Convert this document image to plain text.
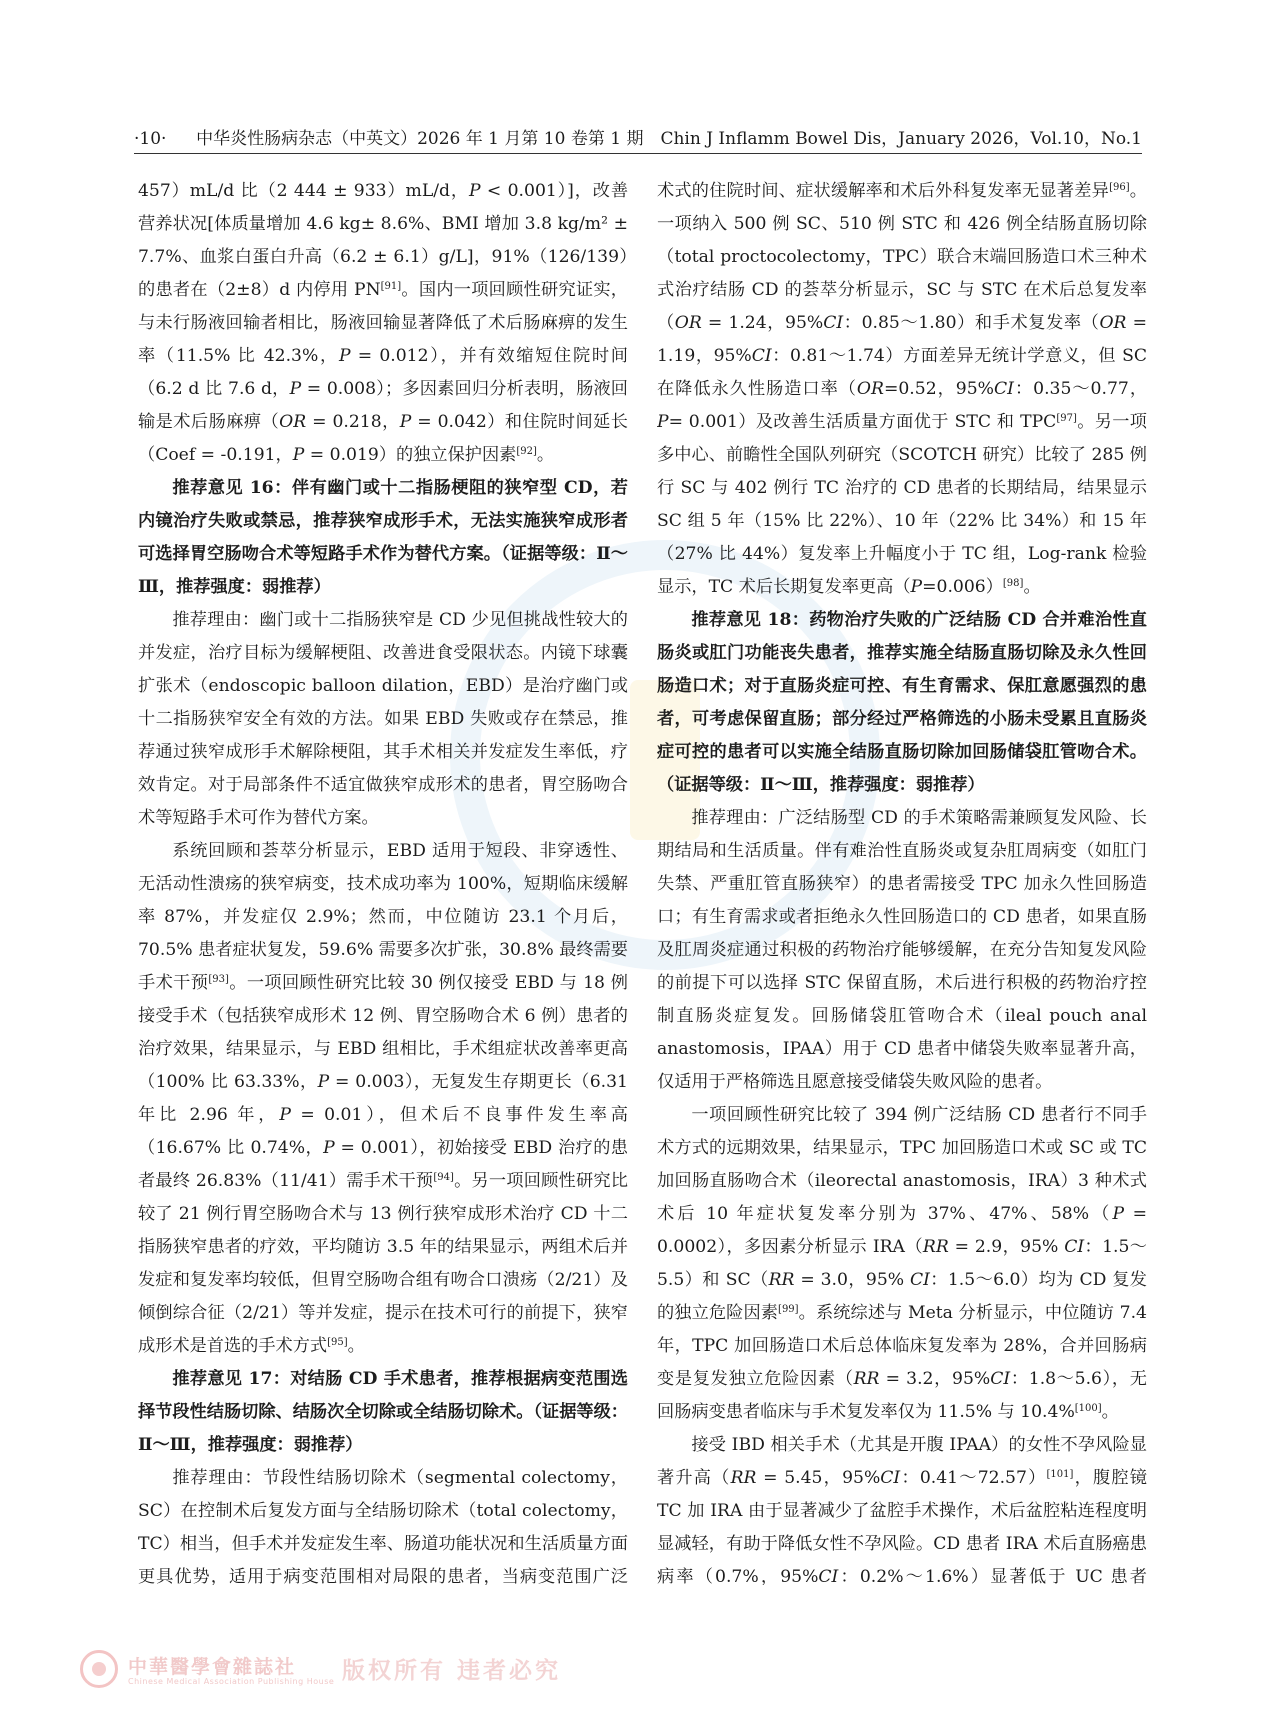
·10· 中华炎性肠病杂志（中英文）2026 年 1 月第 10 卷第 1 期　Chin J Inflamm Bowel Dis，January 2026，Vol.10，No.1

457）mL/d 比（2 444 ± 933）mL/d，P < 0.001）]，改善营养状况[体质量增加 4.6 kg± 8.6%、BMI 增加 3.8 kg/m² ± 7.7%、血浆白蛋白升高（6.2 ± 6.1）g/L]，91%（126/139）的患者在（2±8）d 内停用 PN[91]。国内一项回顾性研究证实，与未行肠液回输者相比，肠液回输显著降低了术后肠麻痹的发生率（11.5% 比 42.3%，P = 0.012），并有效缩短住院时间（6.2 d 比 7.6 d，P = 0.008）；多因素回归分析表明，肠液回输是术后肠麻痹（OR = 0.218，P = 0.042）和住院时间延长（Coef = -0.191，P = 0.019）的独立保护因素[92]。

推荐意见 16：伴有幽门或十二指肠梗阻的狭窄型 CD，若内镜治疗失败或禁忌，推荐狭窄成形手术，无法实施狭窄成形者可选择胃空肠吻合术等短路手术作为替代方案。（证据等级：Ⅱ～Ⅲ，推荐强度：弱推荐）

推荐理由：幽门或十二指肠狭窄是 CD 少见但挑战性较大的并发症，治疗目标为缓解梗阻、改善进食受限状态。内镜下球囊扩张术（endoscopic balloon dilation，EBD）是治疗幽门或十二指肠狭窄安全有效的方法。如果 EBD 失败或存在禁忌，推荐通过狭窄成形手术解除梗阻，其手术相关并发症发生率低，疗效肯定。对于局部条件不适宜做狭窄成形术的患者，胃空肠吻合术等短路手术可作为替代方案。

系统回顾和荟萃分析显示，EBD 适用于短段、非穿透性、无活动性溃疡的狭窄病变，技术成功率为 100%，短期临床缓解率 87%，并发症仅 2.9%；然而，中位随访 23.1 个月后，70.5% 患者症状复发，59.6% 需要多次扩张，30.8% 最终需要手术干预[93]。一项回顾性研究比较 30 例仅接受 EBD 与 18 例接受手术（包括狭窄成形术 12 例、胃空肠吻合术 6 例）患者的治疗效果，结果显示，与 EBD 组相比，手术组症状改善率更高（100% 比 63.33%，P = 0.003），无复发生存期更长（6.31 年比 2.96 年，P = 0.01），但术后不良事件发生率高（16.67% 比 0.74%，P = 0.001），初始接受 EBD 治疗的患者最终 26.83%（11/41）需手术干预[94]。另一项回顾性研究比较了 21 例行胃空肠吻合术与 13 例行狭窄成形术治疗 CD 十二指肠狭窄患者的疗效，平均随访 3.5 年的结果显示，两组术后并发症和复发率均较低，但胃空肠吻合组有吻合口溃疡（2/21）及倾倒综合征（2/21）等并发症，提示在技术可行的前提下，狭窄成形术是首选的手术方式[95]。

推荐意见 17：对结肠 CD 手术患者，推荐根据病变范围选择节段性结肠切除、结肠次全切除或全结肠切除术。（证据等级：Ⅱ～Ⅲ，推荐强度：弱推荐）

推荐理由：节段性结肠切除术（segmental colectomy，SC）在控制术后复发方面与全结肠切除术（total colectomy，TC）相当，但手术并发症发生率、肠道功能状况和生活质量方面更具优势，适用于病变范围相对局限的患者，当病变范围广泛

术式的住院时间、症状缓解率和术后外科复发率无显著差异[96]。一项纳入 500 例 SC、510 例 STC 和 426 例全结肠直肠切除（total proctocolectomy，TPC）联合末端回肠造口术三种术式治疗结肠 CD 的荟萃分析显示，SC 与 STC 在术后总复发率（OR = 1.24，95%CI：0.85～1.80）和手术复发率（OR = 1.19，95%CI：0.81～1.74）方面差异无统计学意义，但 SC 在降低永久性肠造口率（OR=0.52，95%CI：0.35～0.77，P= 0.001）及改善生活质量方面优于 STC 和 TPC[97]。另一项多中心、前瞻性全国队列研究（SCOTCH 研究）比较了 285 例行 SC 与 402 例行 TC 治疗的 CD 患者的长期结局，结果显示 SC 组 5 年（15% 比 22%）、10 年（22% 比 34%）和 15 年（27% 比 44%）复发率上升幅度小于 TC 组，Log-rank 检验显示，TC 术后长期复发率更高（P=0.006）[98]。

推荐意见 18：药物治疗失败的广泛结肠 CD 合并难治性直肠炎或肛门功能丧失患者，推荐实施全结肠直肠切除及永久性回肠造口术；对于直肠炎症可控、有生育需求、保肛意愿强烈的患者，可考虑保留直肠；部分经过严格筛选的小肠未受累且直肠炎症可控的患者可以实施全结肠直肠切除加回肠储袋肛管吻合术。（证据等级：Ⅱ～Ⅲ，推荐强度：弱推荐）

推荐理由：广泛结肠型 CD 的手术策略需兼顾复发风险、长期结局和生活质量。伴有难治性直肠炎或复杂肛周病变（如肛门失禁、严重肛管直肠狭窄）的患者需接受 TPC 加永久性回肠造口；有生育需求或者拒绝永久性回肠造口的 CD 患者，如果直肠及肛周炎症通过积极的药物治疗能够缓解，在充分告知复发风险的前提下可以选择 STC 保留直肠，术后进行积极的药物治疗控制直肠炎症复发。回肠储袋肛管吻合术（ileal pouch anal anastomosis，IPAA）用于 CD 患者中储袋失败率显著升高，仅适用于严格筛选且愿意接受储袋失败风险的患者。

一项回顾性研究比较了 394 例广泛结肠 CD 患者行不同手术方式的远期效果，结果显示，TPC 加回肠造口术或 SC 或 TC 加回肠直肠吻合术（ileorectal anastomosis，IRA）3 种术式术后 10 年症状复发率分别为 37%、47%、58%（P = 0.0002），多因素分析显示 IRA（RR = 2.9，95% CI：1.5～5.5）和 SC（RR = 3.0，95% CI：1.5～6.0）均为 CD 复发的独立危险因素[99]。系统综述与 Meta 分析显示，中位随访 7.4 年，TPC 加回肠造口术后总体临床复发率为 28%，合并回肠病变是复发独立危险因素（RR = 3.2，95%CI：1.8～5.6），无回肠病变患者临床与手术复发率仅为 11.5% 与 10.4%[100]。

接受 IBD 相关手术（尤其是开腹 IPAA）的女性不孕风险显著升高（RR = 5.45，95%CI：0.41～72.57）[101]，腹腔镜 TC 加 IRA 由于显著减少了盆腔手术操作，术后盆腔粘连程度明显减轻，有助于降低女性不孕风险。CD 患者 IRA 术后直肠癌患病率（0.7%，95%CI：0.2%～1.6%）显著低于 UC 患者

中華醫學會雜誌社
Chinese Medical Association Publishing House 版权所有 违者必究
